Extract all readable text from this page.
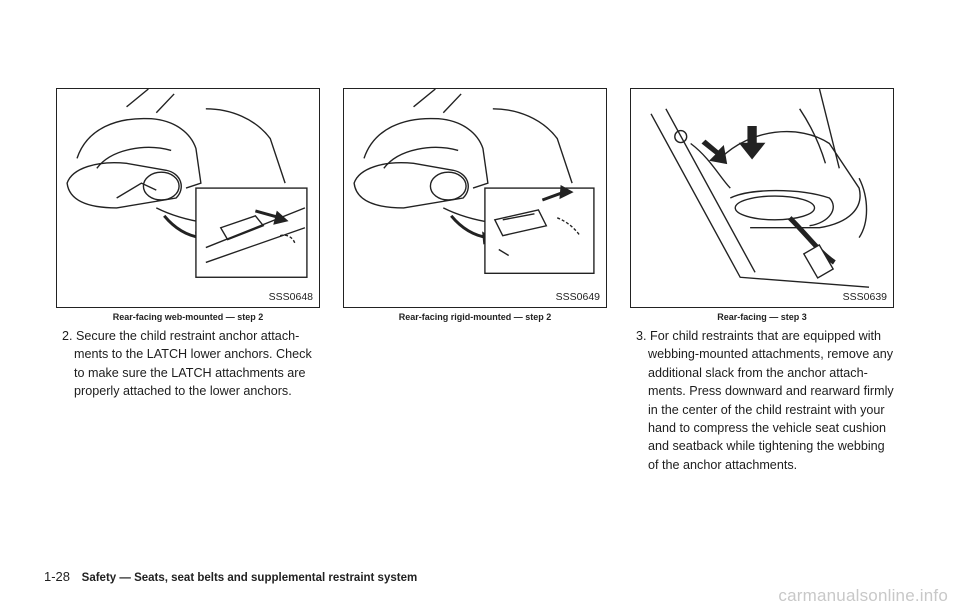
SSS0648
Rear-facing web-mounted — step 2
SSS0649
Rear-facing rigid-mounted — step 2
SSS0639
Rear-facing — step 3
2. Secure the child restraint anchor attach-
ments to the LATCH lower anchors. Check
to make sure the LATCH attachments are
properly attached to the lower anchors.
3. For child restraints that are equipped with
webbing-mounted attachments, remove any
additional slack from the anchor attach-
ments. Press downward and rearward firmly
in the center of the child restraint with your
hand to compress the vehicle seat cushion
and seatback while tightening the webbing
of the anchor attachments.
1-28 Safety — Seats, seat belts and supplemental restraint system
carmanualsonline.info
